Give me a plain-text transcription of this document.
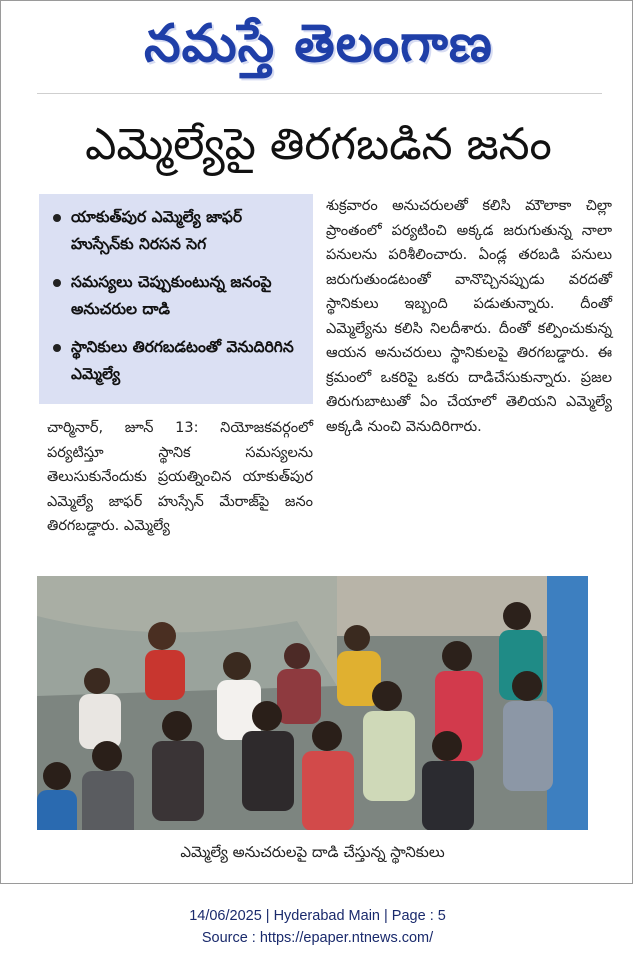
నమస్తే తెలంగాణ
ఎమ్మెల్యేపై తిరగబడిన జనం
యాకుత్‌పుర ఎమ్మెల్యే జాఫర్ హుస్సేన్‌కు నిరసన సెగ
సమస్యలు చెప్పుకుంటున్న జనంపై అనుచరుల దాడి
స్థానికులు తిరగబడటంతో వెనుదిరిగిన ఎమ్మెల్యే
చార్మినార్, జూన్ 13: నియోజకవర్గంలో పర్యటిస్తూ స్థానిక సమస్యలను తెలుసుకునేందుకు ప్రయత్నించిన యాకుత్‌పుర ఎమ్మెల్యే జాఫర్ హుస్సేన్ మేరాజ్‌పై జనం తిరగబడ్డారు. ఎమ్మెల్యే
శుక్రవారం అనుచరులతో కలిసి మౌలాకా చిల్లా ప్రాంతంలో పర్యటించి అక్కడ జరుగుతున్న నాలా పనులను పరిశీలించారు. ఏండ్ల తరబడి పనులు జరుగుతుండటంతో వానొచ్చినప్పుడు వరదతో స్థానికులు ఇబ్బంది పడుతున్నారు. దీంతో ఎమ్మెల్యేను కలిసి నిలదీశారు. దీంతో కల్పించుకున్న ఆయన అనుచరులు స్థానికులపై తిరగబడ్డారు. ఈ క్రమంలో ఒకరిపై ఒకరు దాడిచేసుకున్నారు. ప్రజల తిరుగుబాటుతో ఏం చేయాలో తెలియని ఎమ్మెల్యే అక్కడి నుంచి వెనుదిరిగారు.
ఎమ్మెల్యే అనుచరులపై దాడి చేస్తున్న స్థానికులు
14/06/2025 | Hyderabad Main | Page : 5
Source : https://epaper.ntnews.com/
